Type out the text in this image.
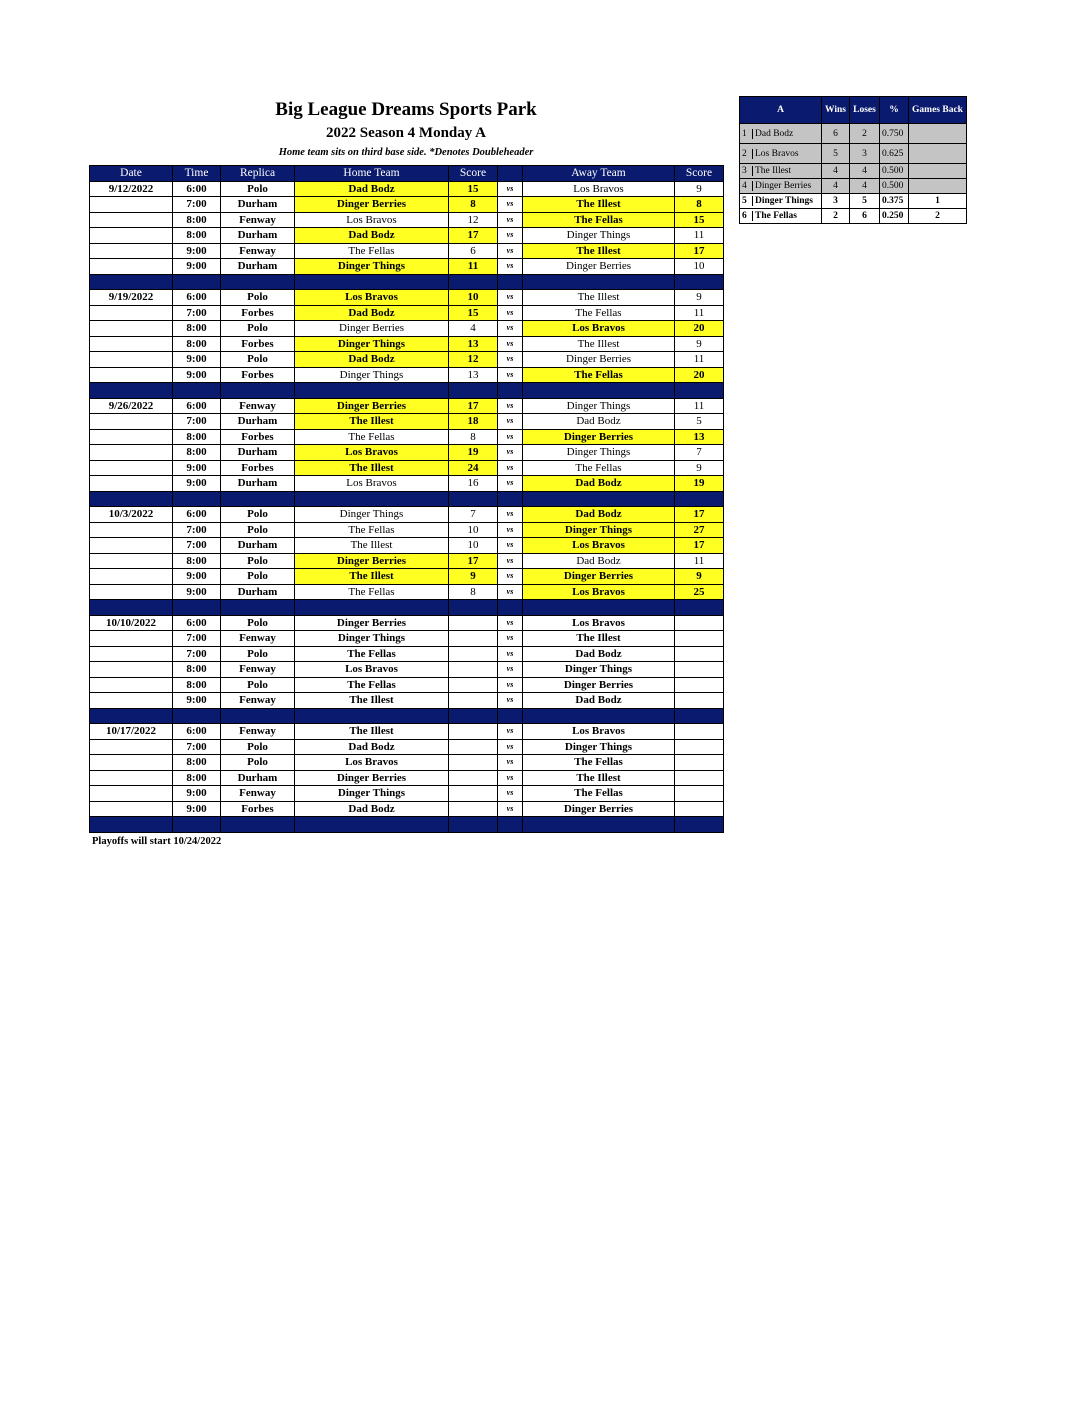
Big League Dreams Sports Park
2022 Season 4 Monday A
Home team sits on third base side. *Denotes Doubleheader
Date	Time	Replica	Home Team	Score		Away Team	Score
9/12/2022	6:00	Polo	Dad Bodz	15	vs	Los Bravos	9
	7:00	Durham	Dinger Berries	8	vs	The Illest	8
	8:00	Fenway	Los Bravos	12	vs	The Fellas	15
	8:00	Durham	Dad Bodz	17	vs	Dinger Things	11
	9:00	Fenway	The Fellas	6	vs	The Illest	17
	9:00	Durham	Dinger Things	11	vs	Dinger Berries	10

9/19/2022	6:00	Polo	Los Bravos	10	vs	The Illest	9
	7:00	Forbes	Dad Bodz	15	vs	The Fellas	11
	8:00	Polo	Dinger Berries	4	vs	Los Bravos	20
	8:00	Forbes	Dinger Things	13	vs	The Illest	9
	9:00	Polo	Dad Bodz	12	vs	Dinger Berries	11
	9:00	Forbes	Dinger Things	13	vs	The Fellas	20

9/26/2022	6:00	Fenway	Dinger Berries	17	vs	Dinger Things	11
	7:00	Durham	The Illest	18	vs	Dad Bodz	5
	8:00	Forbes	The Fellas	8	vs	Dinger Berries	13
	8:00	Durham	Los Bravos	19	vs	Dinger Things	7
	9:00	Forbes	The Illest	24	vs	The Fellas	9
	9:00	Durham	Los Bravos	16	vs	Dad Bodz	19

10/3/2022	6:00	Polo	Dinger Things	7	vs	Dad Bodz	17
	7:00	Polo	The Fellas	10	vs	Dinger Things	27
	7:00	Durham	The Illest	10	vs	Los Bravos	17
	8:00	Polo	Dinger Berries	17	vs	Dad Bodz	11
	9:00	Polo	The Illest	9	vs	Dinger Berries	9
	9:00	Durham	The Fellas	8	vs	Los Bravos	25

10/10/2022	6:00	Polo	Dinger Berries		vs	Los Bravos	
	7:00	Fenway	Dinger Things		vs	The Illest	
	7:00	Polo	The Fellas		vs	Dad Bodz	
	8:00	Fenway	Los Bravos		vs	Dinger Things	
	8:00	Polo	The Fellas		vs	Dinger Berries	
	9:00	Fenway	The Illest		vs	Dad Bodz	

10/17/2022	6:00	Fenway	The Illest		vs	Los Bravos	
	7:00	Polo	Dad Bodz		vs	Dinger Things	
	8:00	Polo	Los Bravos		vs	The Fellas	
	8:00	Durham	Dinger Berries		vs	The Illest	
	9:00	Fenway	Dinger Things		vs	The Fellas	
	9:00	Forbes	Dad Bodz		vs	Dinger Berries	

A	Wins	Loses	%	Games Back
1 Dad Bodz	6	2	0.750	
2 Los Bravos	5	3	0.625	
3 The Illest	4	4	0.500	
4 Dinger Berries	4	4	0.500	
5 Dinger Things	3	5	0.375	1
6 The Fellas	2	6	0.250	2
Playoffs will start 10/24/2022
